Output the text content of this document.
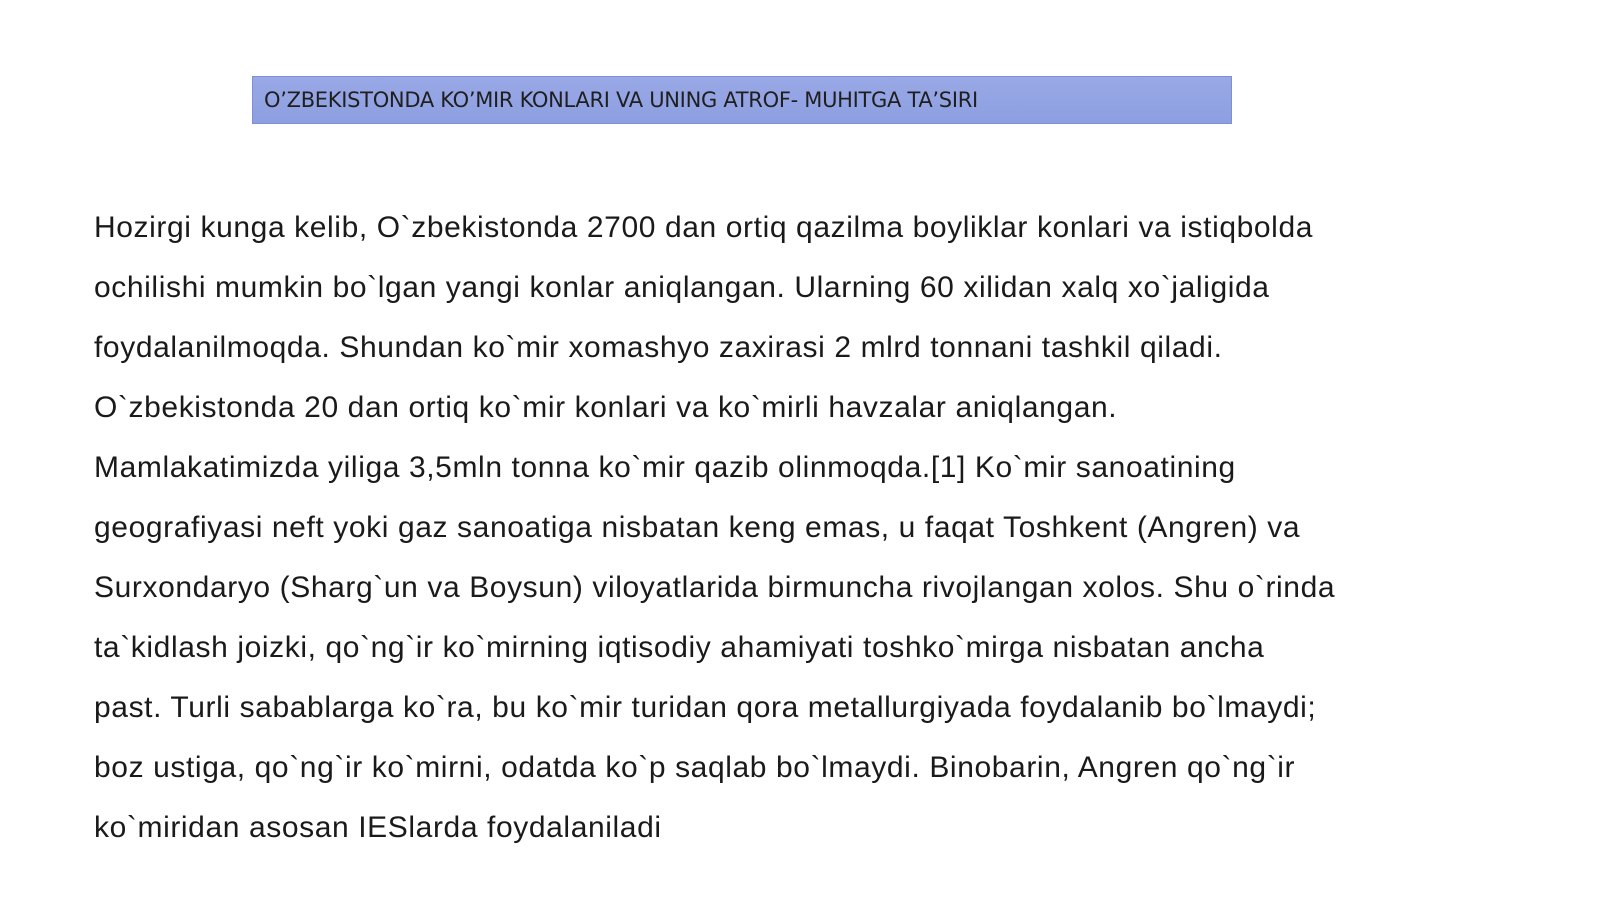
O’ZBEKISTONDA KO’MIR KONLARI VA UNING ATROF- MUHITGA TA’SIRI

Hozirgi kunga kelib, O`zbekistonda 2700 dan ortiq qazilma boyliklar konlari va istiqbolda
ochilishi mumkin bo`lgan yangi konlar aniqlangan. Ularning 60 xilidan xalq xo`jaligida
foydalanilmoqda. Shundan ko`mir xomashyo zaxirasi 2 mlrd tonnani tashkil qiladi.
O`zbekistonda 20 dan ortiq ko`mir konlari va ko`mirli havzalar aniqlangan.
Mamlakatimizda yiliga 3,5mln tonna ko`mir qazib olinmoqda.[1] Ko`mir sanoatining
geografiyasi neft yoki gaz sanoatiga nisbatan keng emas, u faqat Toshkent (Angren) va
Surxondaryo (Sharg`un va Boysun) viloyatlarida birmuncha rivojlangan xolos. Shu o`rinda
ta`kidlash joizki, qo`ng`ir ko`mirning iqtisodiy ahamiyati toshko`mirga nisbatan ancha
past. Turli sabablarga ko`ra, bu ko`mir turidan qora metallurgiyada foydalanib bo`lmaydi;
boz ustiga, qo`ng`ir ko`mirni, odatda ko`p saqlab bo`lmaydi. Binobarin, Angren qo`ng`ir
ko`miridan asosan IESlarda foydalaniladi
